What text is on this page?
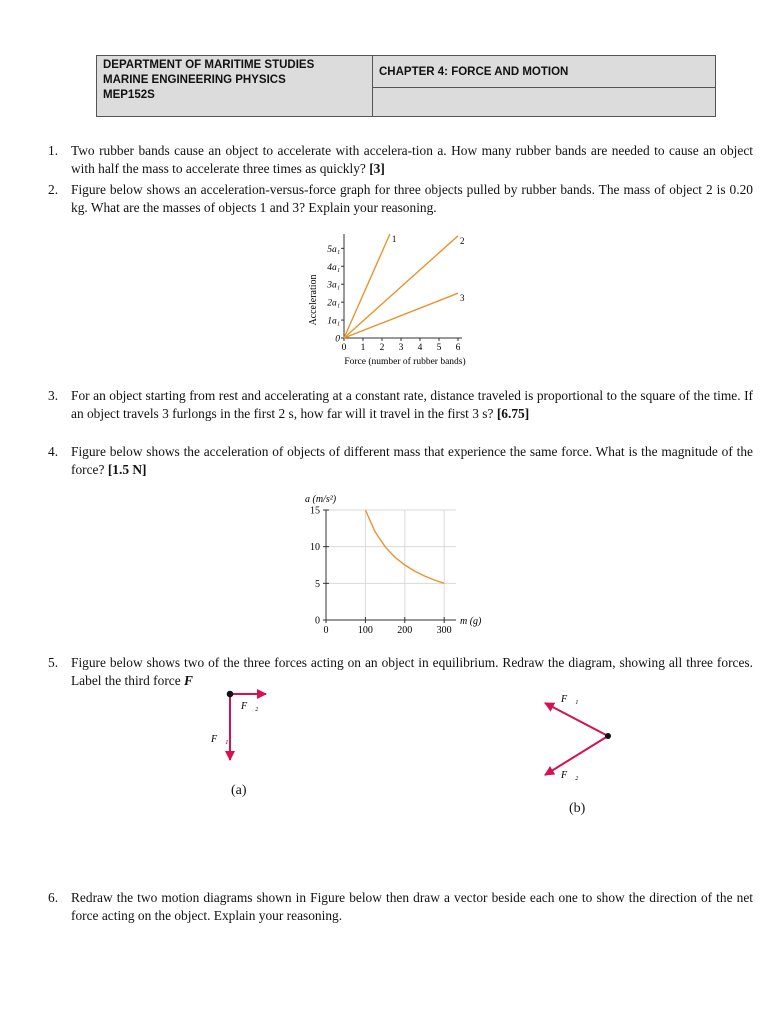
DEPARTMENT OF MARITIME STUDIES
MARINE ENGINEERING PHYSICS
MEP152S
	CHAPTER 4: FORCE AND MOTION

1. Two rubber bands cause an object to accelerate with accelera-tion a. How many rubber bands are needed to cause an object with half the mass to accelerate three times as quickly? [3]
2. Figure below shows an acceleration-versus-force graph for three objects pulled by rubber bands. The mass of object 2 is 0.20 kg. What are the masses of objects 1 and 3? Explain your reasoning.
Acceleration
0
1a₁
2a₁
3a₁
4a₁
5a₁
0 1 2 3 4 5 6
1	2
3
Force (number of rubber bands)
3. For an object starting from rest and accelerating at a constant rate, distance traveled is proportional to the square of the time. If an object travels 3 furlongs in the first 2 s, how far will it travel in the first 3 s? [6.75]
4. Figure below shows the acceleration of objects of different mass that experience the same force. What is the magnitude of the force? [1.5 N]
a (m/s²)
0
5
10
15
0	100 200 300
m (g)
5. Figure below shows two of the three forces acting on an object in equilibrium. Redraw the diagram, showing all three forces. Label the third force F⃗
F⃗₂
F⃗₁
(a)
F⃗₁
F⃗₂
(b)
6. Redraw the two motion diagrams shown in Figure below then draw a vector beside each one to show the direction of the net force acting on the object. Explain your reasoning.
